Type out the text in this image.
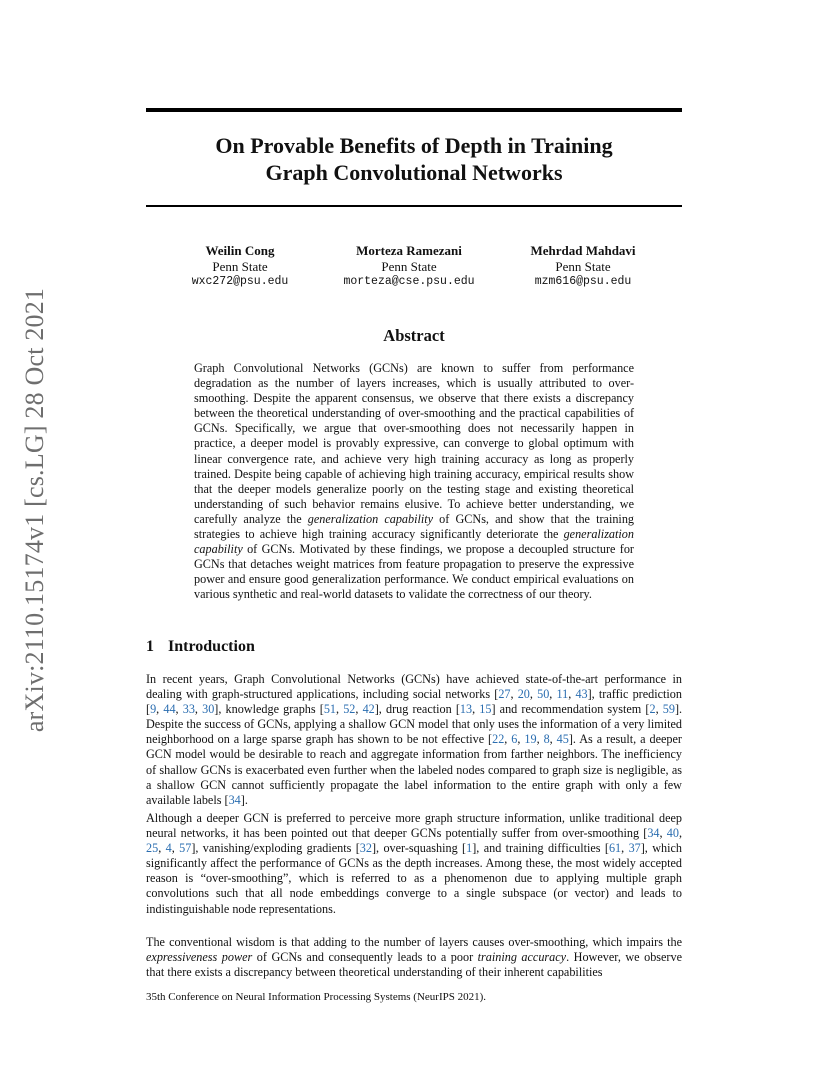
On Provable Benefits of Depth in Training
Graph Convolutional Networks
Weilin Cong
Penn State
wxc272@psu.edu
Morteza Ramezani
Penn State
morteza@cse.psu.edu
Mehrdad Mahdavi
Penn State
mzm616@psu.edu
arXiv:2110.15174v1 [cs.LG] 28 Oct 2021	Abstract
Graph Convolutional Networks (GCNs) are known to suffer from performance degradation as the number of layers increases, which is usually attributed to over-smoothing. Despite the apparent consensus, we observe that there exists a discrepancy between the theoretical understanding of over-smoothing and the practical capabilities of GCNs. Specifically, we argue that over-smoothing does not necessarily happen in practice, a deeper model is provably expressive, can converge to global optimum with linear convergence rate, and achieve very high training accuracy as long as properly trained. Despite being capable of achieving high training accuracy, empirical results show that the deeper models generalize poorly on the testing stage and existing theoretical understanding of such behavior remains elusive. To achieve better understanding, we carefully analyze the generalization capability of GCNs, and show that the training strategies to achieve high training accuracy significantly deteriorate the generalization capability of GCNs. Motivated by these findings, we propose a decoupled structure for GCNs that detaches weight matrices from feature propagation to preserve the expressive power and ensure good generalization performance. We conduct empirical evaluations on various synthetic and real-world datasets to validate the correctness of our theory.
1 Introduction

In recent years, Graph Convolutional Networks (GCNs) have achieved state-of-the-art performance in dealing with graph-structured applications, including social networks [27, 20, 50, 11, 43], traffic prediction [9, 44, 33, 30], knowledge graphs [51, 52, 42], drug reaction [13, 15] and recommendation system [2, 59]. Despite the success of GCNs, applying a shallow GCN model that only uses the information of a very limited neighborhood on a large sparse graph has shown to be not effective [22, 6, 19, 8, 45]. As a result, a deeper GCN model would be desirable to reach and aggregate information from farther neighbors. The inefficiency of shallow GCNs is exacerbated even further when the labeled nodes compared to graph size is negligible, as a shallow GCN cannot sufficiently propagate the label information to the entire graph with only a few available labels [34].

Although a deeper GCN is preferred to perceive more graph structure information, unlike traditional deep neural networks, it has been pointed out that deeper GCNs potentially suffer from over-smoothing [34, 40, 25, 4, 57], vanishing/exploding gradients [32], over-squashing [1], and training difficulties [61, 37], which significantly affect the performance of GCNs as the depth increases. Among these, the most widely accepted reason is “over-smoothing”, which is referred to as a phenomenon due to applying multiple graph convolutions such that all node embeddings converge to a single subspace (or vector) and leads to indistinguishable node representations.

The conventional wisdom is that adding to the number of layers causes over-smoothing, which impairs the expressiveness power of GCNs and consequently leads to a poor training accuracy. However, we observe that there exists a discrepancy between theoretical understanding of their inherent capabilities

35th Conference on Neural Information Processing Systems (NeurIPS 2021).
